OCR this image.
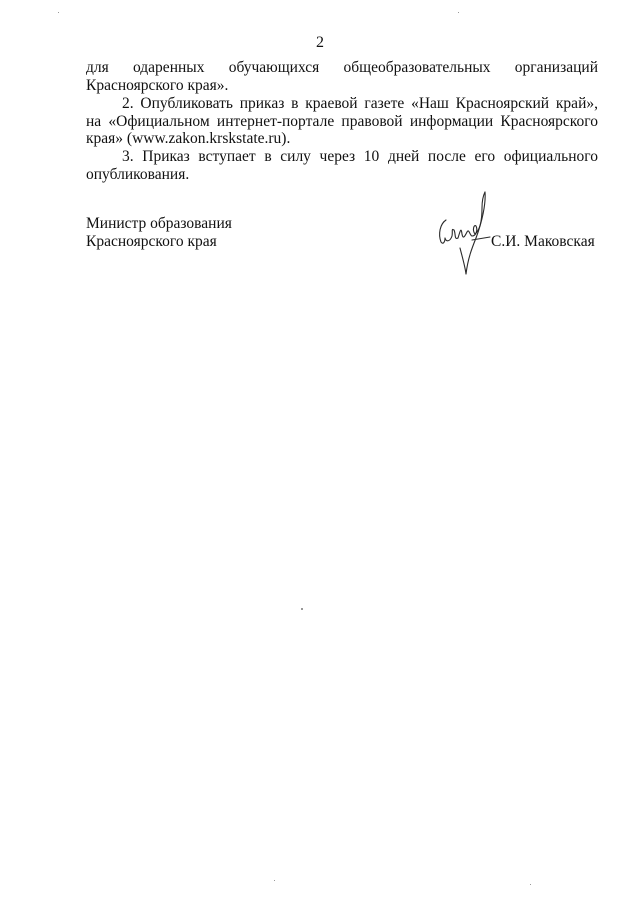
2
для одаренных обучающихся общеобразовательных организаций
Красноярского края».
2. Опубликовать приказ в краевой газете «Наш Красноярский край»,
на «Официальном интернет-портале правовой информации Красноярского
края» (www.zakon.krskstate.ru).
3. Приказ вступает в силу через 10 дней после его официального
опубликования.
Министр образования
Красноярского края	С.И. Маковская
